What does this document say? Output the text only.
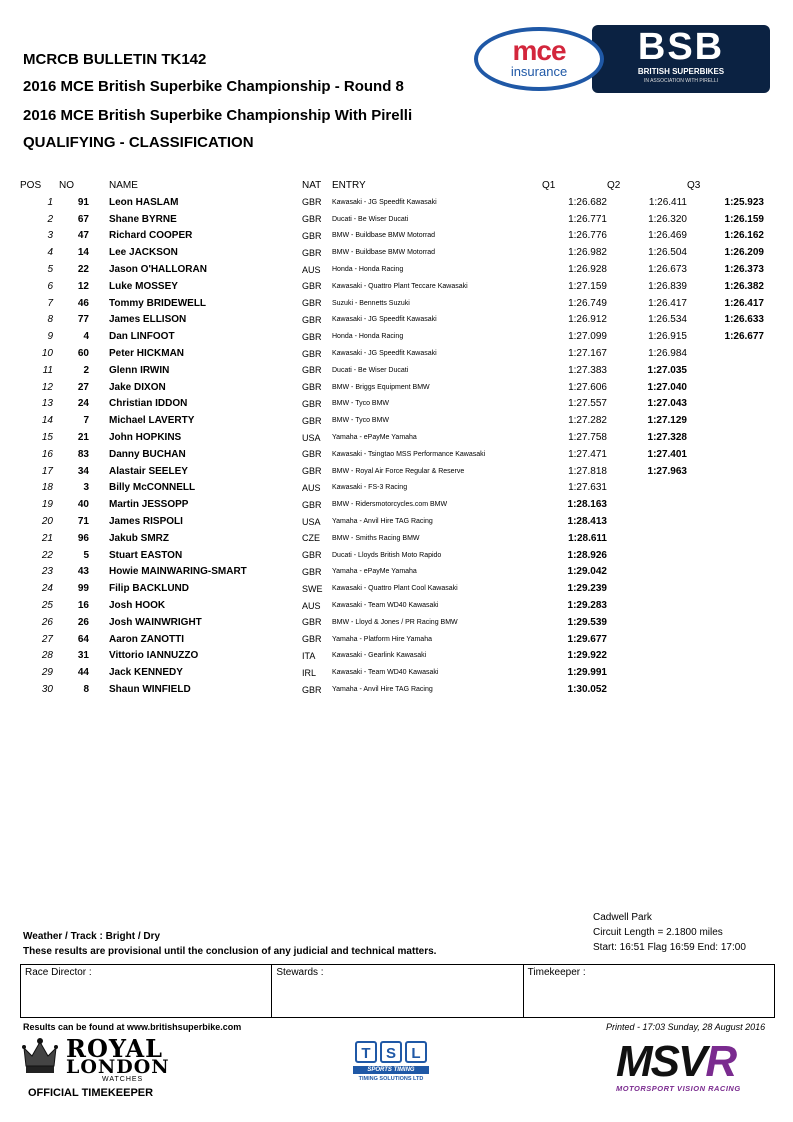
MCRCB BULLETIN TK142
2016 MCE British Superbike Championship - Round 8
2016 MCE British Superbike Championship With Pirelli
QUALIFYING - CLASSIFICATION
BSB
BRITISH SUPERBIKES
IN ASSOCIATION WITH PIRELLI
mce
insurance
POS	NO	NAME	NAT	ENTRY	Q1	Q2	Q3
1	91	Leon HASLAM	GBR	Kawasaki - JG Speedfit Kawasaki	1:26.682	1:26.411	1:25.923
2	67	Shane BYRNE	GBR	Ducati - Be Wiser Ducati	1:26.771	1:26.320	1:26.159
3	47	Richard COOPER	GBR	BMW - Buildbase BMW Motorrad	1:26.776	1:26.469	1:26.162
4	14	Lee JACKSON	GBR	BMW - Buildbase BMW Motorrad	1:26.982	1:26.504	1:26.209
5	22	Jason O'HALLORAN	AUS	Honda - Honda Racing	1:26.928	1:26.673	1:26.373
6	12	Luke MOSSEY	GBR	Kawasaki - Quattro Plant Teccare Kawasaki	1:27.159	1:26.839	1:26.382
7	46	Tommy BRIDEWELL	GBR	Suzuki - Bennetts Suzuki	1:26.749	1:26.417	1:26.417
8	77	James ELLISON	GBR	Kawasaki - JG Speedfit Kawasaki	1:26.912	1:26.534	1:26.633
9	4	Dan LINFOOT	GBR	Honda - Honda Racing	1:27.099	1:26.915	1:26.677
10	60	Peter HICKMAN	GBR	Kawasaki - JG Speedfit Kawasaki	1:27.167	1:26.984	
11	2	Glenn IRWIN	GBR	Ducati - Be Wiser Ducati	1:27.383	1:27.035	
12	27	Jake DIXON	GBR	BMW - Briggs Equipment BMW	1:27.606	1:27.040	
13	24	Christian IDDON	GBR	BMW - Tyco BMW	1:27.557	1:27.043	
14	7	Michael LAVERTY	GBR	BMW - Tyco BMW	1:27.282	1:27.129	
15	21	John HOPKINS	USA	Yamaha - ePayMe Yamaha	1:27.758	1:27.328	
16	83	Danny BUCHAN	GBR	Kawasaki - Tsingtao MSS Performance Kawasaki	1:27.471	1:27.401	
17	34	Alastair SEELEY	GBR	BMW - Royal Air Force Regular & Reserve	1:27.818	1:27.963	
18	3	Billy McCONNELL	AUS	Kawasaki - FS-3 Racing	1:27.631		
19	40	Martin JESSOPP	GBR	BMW - Ridersmotorcycles.com BMW	1:28.163		
20	71	James RISPOLI	USA	Yamaha - Anvil Hire TAG Racing	1:28.413		
21	96	Jakub SMRZ	CZE	BMW - Smiths Racing BMW	1:28.611		
22	5	Stuart EASTON	GBR	Ducati - Lloyds British Moto Rapido	1:28.926		
23	43	Howie MAINWARING-SMART	GBR	Yamaha - ePayMe Yamaha	1:29.042		
24	99	Filip BACKLUND	SWE	Kawasaki - Quattro Plant Cool Kawasaki	1:29.239		
25	16	Josh HOOK	AUS	Kawasaki - Team WD40 Kawasaki	1:29.283		
26	26	Josh WAINWRIGHT	GBR	BMW - Lloyd & Jones / PR Racing BMW	1:29.539		
27	64	Aaron ZANOTTI	GBR	Yamaha - Platform Hire Yamaha	1:29.677		
28	31	Vittorio IANNUZZO	ITA	Kawasaki - Gearlink Kawasaki	1:29.922		
29	44	Jack KENNEDY	IRL	Kawasaki - Team WD40 Kawasaki	1:29.991		
30	8	Shaun WINFIELD	GBR	Yamaha - Anvil Hire TAG Racing	1:30.052		
Weather / Track : Bright / Dry
These results are provisional until the conclusion of any judicial and technical matters.
Cadwell Park
Circuit Length = 2.1800 miles
Start: 16:51 Flag 16:59 End: 17:00
Race Director :	Stewards :	Timekeeper :
Results can be found at www.britishsuperbike.com	Printed - 17:03 Sunday, 28 August 2016
ROYAL
LONDON
WATCHES
OFFICIAL TIMEKEEPER
T	S	L
SPORTS TIMING
TIMING SOLUTIONS LTD	MSVR
MOTORSPORT VISION RACING
